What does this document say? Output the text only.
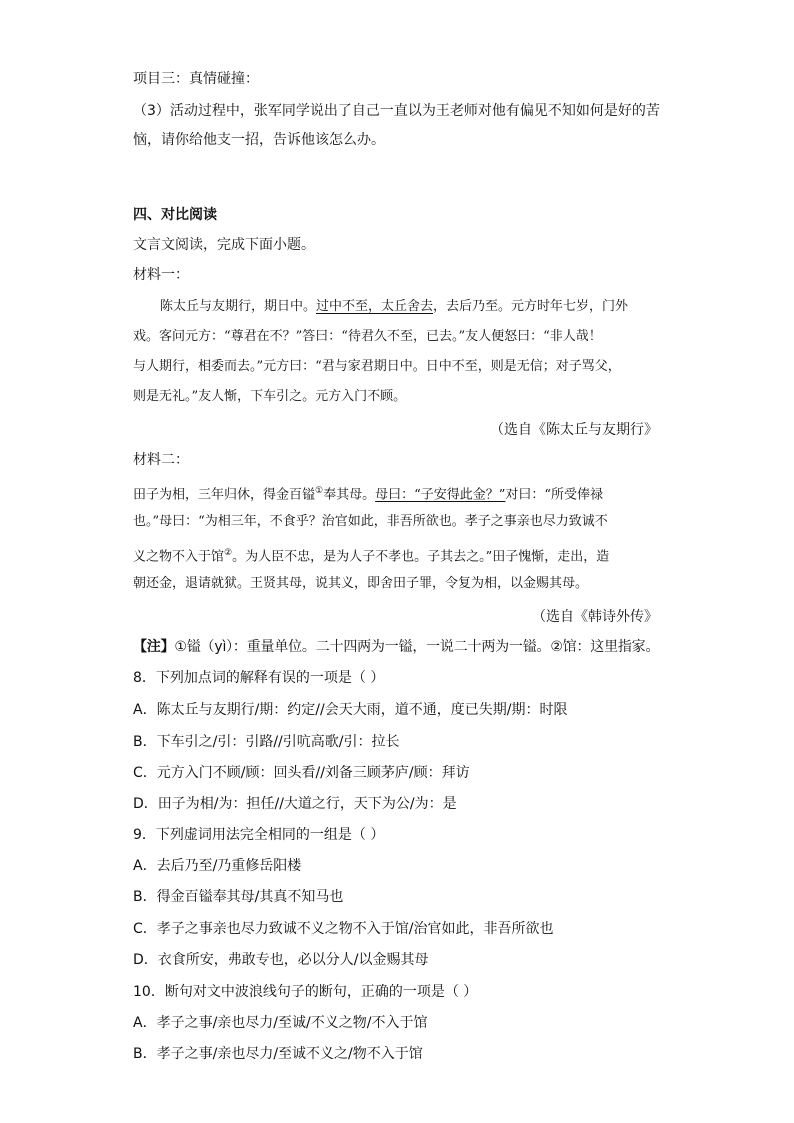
项目三：真情碰撞：
（3）活动过程中，张军同学说出了自己一直以为王老师对他有偏见不知如何是好的苦
恼，请你给他支一招，告诉他该怎么办。
四、对比阅读
文言文阅读，完成下面小题。
材料一：
陈太丘与友期行，期日中。过中不至，太丘舍去，去后乃至。元方时年七岁，门外
戏。客问元方：“尊君在不？”答曰：“待君久不至，已去。”友人便怒曰：“非人哉！
与人期行，相委而去。”元方曰：“君与家君期日中。日中不至，则是无信；对子骂父，
则是无礼。”友人惭，下车引之。元方入门不顾。
（选自《陈太丘与友期行》
材料二：
田子为相，三年归休，得金百镒①奉其母。母曰：“子安得此金？”对曰：“所受俸禄
也。”母曰：“为相三年，不食乎？治官如此，非吾所欲也。孝子之事亲也尽力致诚不
义之物不入于馆②。为人臣不忠，是为人子不孝也。子其去之。”田子愧惭，走出，造
朝还金，退请就狱。王贤其母，说其义，即舍田子罪，令复为相，以金赐其母。
（选自《韩诗外传》
【注】①镒（yì）：重量单位。二十四两为一镒，一说二十两为一镒。②馆：这里指家。
8．下列加点词的解释有误的一项是（ ）
A．陈太丘与友期行/期：约定//会天大雨，道不通，度已失期/期：时限
B．下车引之/引：引路//引吭高歌/引：拉长
C．元方入门不顾/顾：回头看//刘备三顾茅庐/顾：拜访
D．田子为相/为：担任//大道之行，天下为公/为：是
9．下列虚词用法完全相同的一组是（ ）
A．去后乃至/乃重修岳阳楼
B．得金百镒奉其母/其真不知马也
C．孝子之事亲也尽力致诚不义之物不入于馆/治官如此，非吾所欲也
D．衣食所安，弗敢专也，必以分人/以金赐其母
10．断句对文中波浪线句子的断句，正确的一项是（ ）
A．孝子之事/亲也尽力/至诚/不义之物/不入于馆
B．孝子之事/亲也尽力/至诚不义之/物不入于馆
